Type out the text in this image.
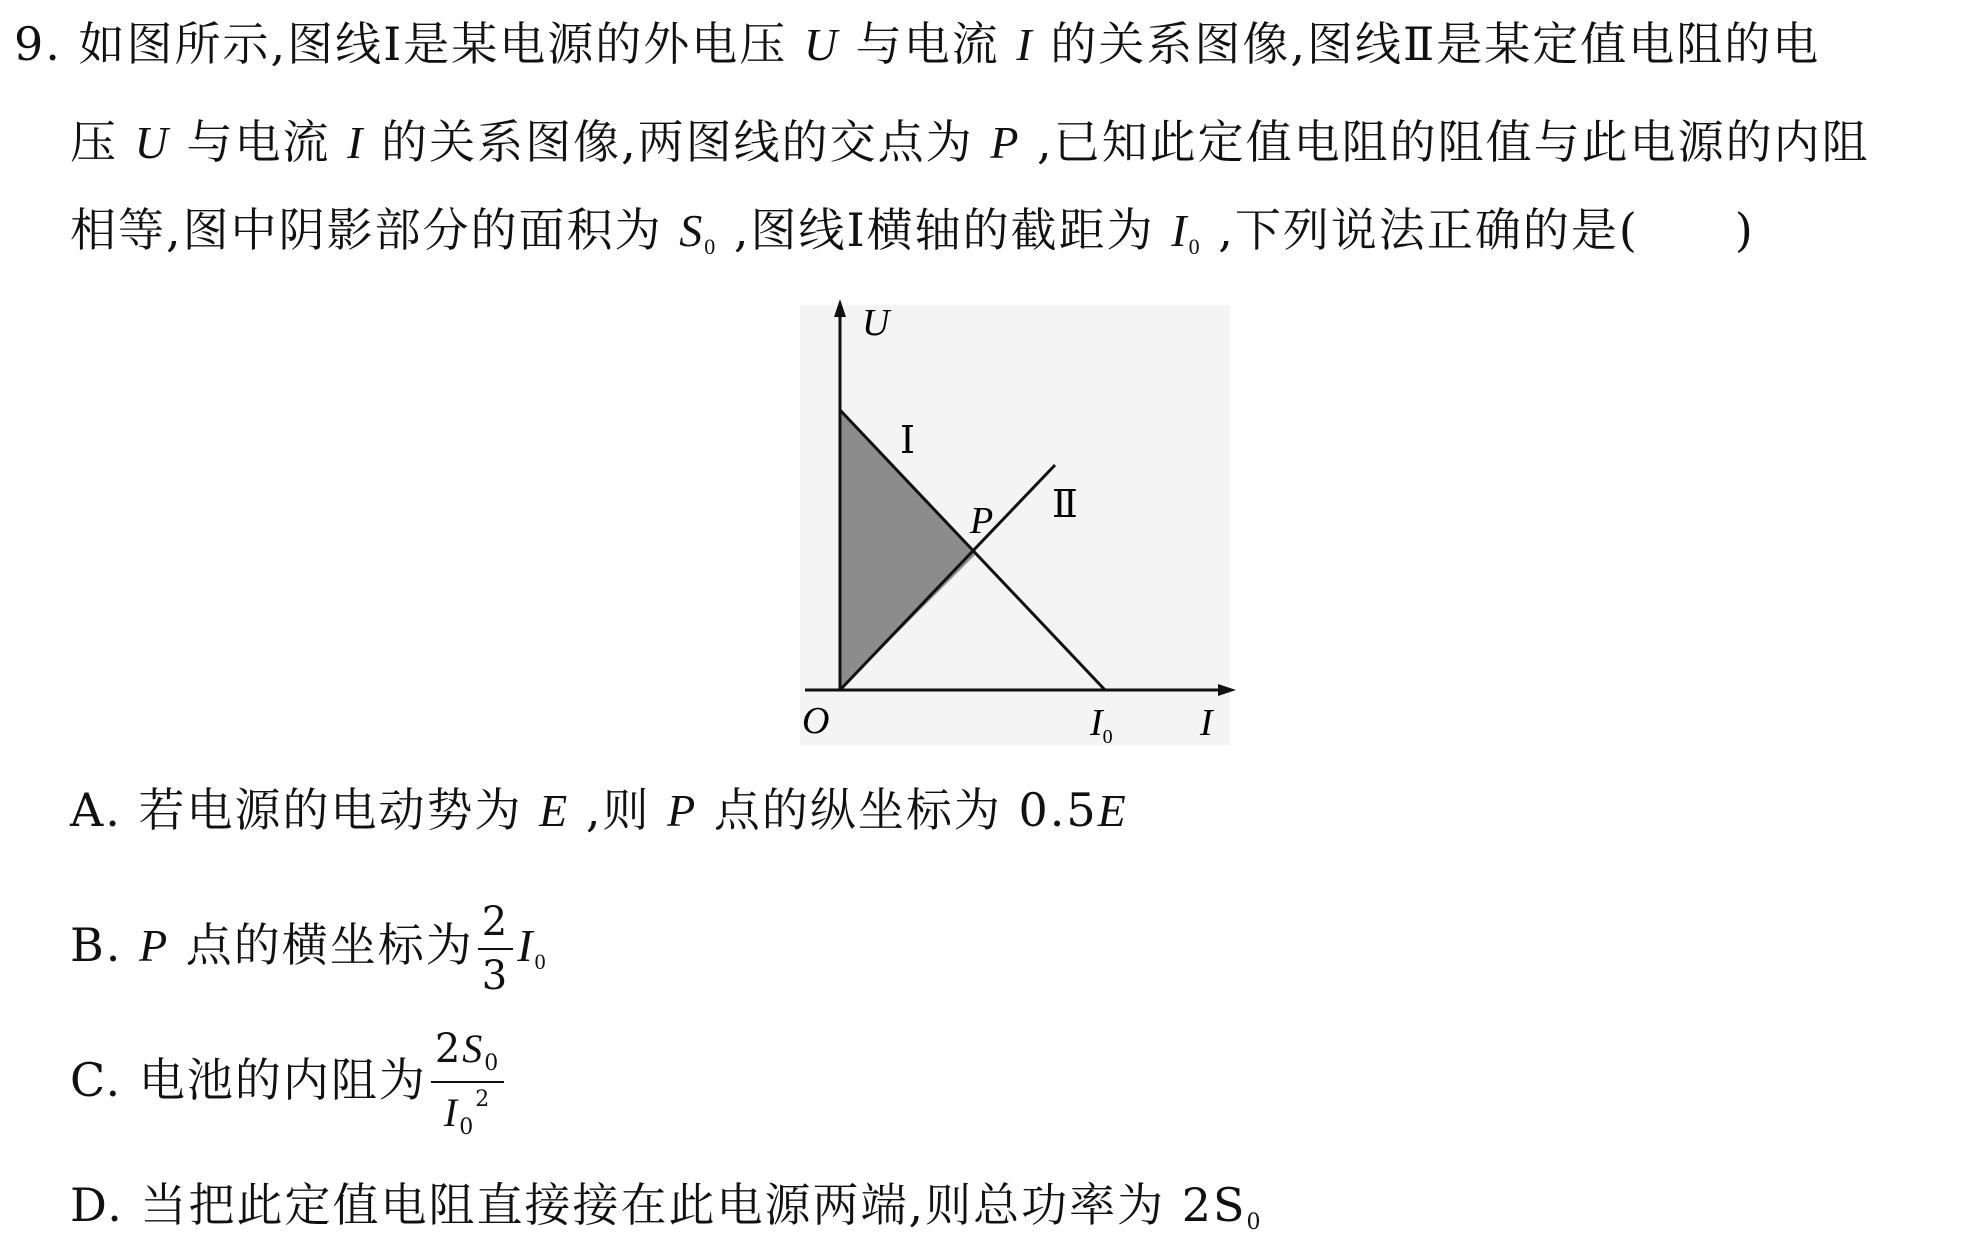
9. 如图所示,图线Ⅰ是某电源的外电压 U 与电流 I 的关系图像,图线Ⅱ是某定值电阻的电
压 U 与电流 I 的关系图像,两图线的交点为 P ,已知此定值电阻的阻值与此电源的内阻
相等,图中阴影部分的面积为 $S_0$ ,图线Ⅰ横轴的截距为 $I_0$ ,下列说法正确的是(　　)
U
I
O	$I_0$
Ⅰ
Ⅱ
P
A. 若电源的电动势为 E ,则 P 点的纵坐标为 0.5E
B. P 点的横坐标为 $\frac{2}{3} I_0$
C. 电池的内阻为 $\frac{2S_0}{I_0^2}$
D. 当把此定值电阻直接接在此电源两端,则总功率为 $2S_0$
